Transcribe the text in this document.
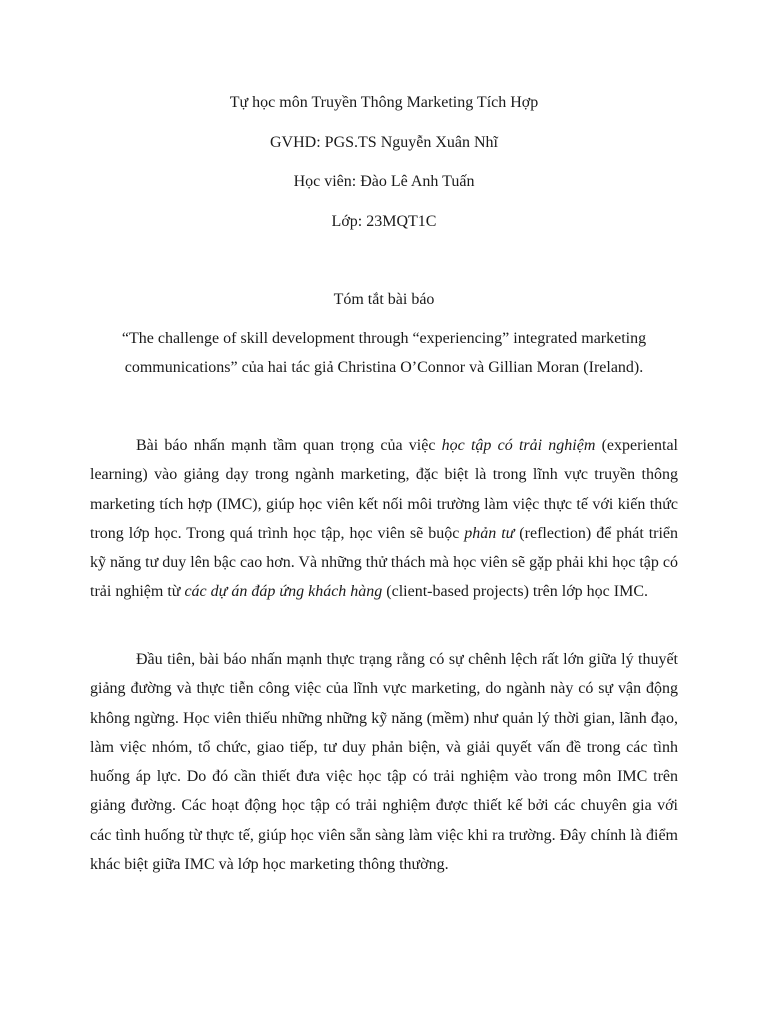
Tự học môn Truyền Thông Marketing Tích Hợp
GVHD: PGS.TS Nguyễn Xuân Nhĩ
Học viên: Đào Lê Anh Tuấn
Lớp: 23MQT1C
Tóm tắt bài báo
“The challenge of skill development through “experiencing” integrated marketing
communications” của hai tác giả Christina O’Connor và Gillian Moran (Ireland).

Bài báo nhấn mạnh tầm quan trọng của việc học tập có trải nghiệm (experiental learning) vào giảng dạy trong ngành marketing, đặc biệt là trong lĩnh vực truyền thông marketing tích hợp (IMC), giúp học viên kết nối môi trường làm việc thực tế với kiến thức trong lớp học. Trong quá trình học tập, học viên sẽ buộc phản tư (reflection) để phát triển kỹ năng tư duy lên bậc cao hơn. Và những thử thách mà học viên sẽ gặp phải khi học tập có trải nghiệm từ các dự án đáp ứng khách hàng (client-based projects) trên lớp học IMC.

Đầu tiên, bài báo nhấn mạnh thực trạng rằng có sự chênh lệch rất lớn giữa lý thuyết giảng đường và thực tiễn công việc của lĩnh vực marketing, do ngành này có sự vận động không ngừng. Học viên thiếu những những kỹ năng (mềm) như quản lý thời gian, lãnh đạo, làm việc nhóm, tổ chức, giao tiếp, tư duy phản biện, và giải quyết vấn đề trong các tình huống áp lực. Do đó cần thiết đưa việc học tập có trải nghiệm vào trong môn IMC trên giảng đường. Các hoạt động học tập có trải nghiệm được thiết kế bởi các chuyên gia với các tình huống từ thực tế, giúp học viên sẵn sàng làm việc khi ra trường. Đây chính là điểm khác biệt giữa IMC và lớp học marketing thông thường.
